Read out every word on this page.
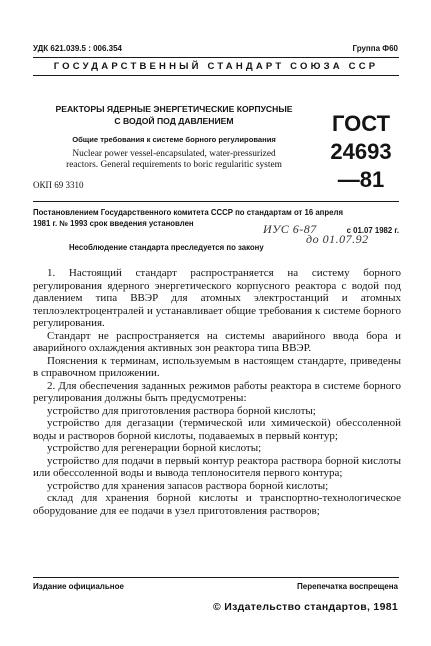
УДК 621.039.5 : 006.354	Группа Ф60
ГОСУДАРСТВЕННЫЙ СТАНДАРТ СОЮЗА ССР
РЕАКТОРЫ ЯДЕРНЫЕ ЭНЕРГЕТИЧЕСКИЕ КОРПУСНЫЕ
С ВОДОЙ ПОД ДАВЛЕНИЕМ
Общие требования к системе борного регулирования
Nuclear power vessel-encapsulated, water-pressurized
reactors. General requirements to boric regularitic system
ОКП 69 3310
ГОСТ
24693—81
Постановлением Государственного комитета СССР по стандартам от 16 апреля
1981 г. № 1993 срок введения установлен	ИУС 6-87	с 01.07 1982 г.
до 01.07.92
Несоблюдение стандарта преследуется по закону

1. Настоящий стандарт распространяется на систему борного регулирования ядерного энергетического корпусного реактора с водой под давлением типа ВВЭР для атомных электростанций и атомных теплоэлектроцентралей и устанавливает общие требования к системе борного регулирования.

Стандарт не распространяется на системы аварийного ввода бора и аварийного охлаждения активных зон реактора типа ВВЭР.

Пояснения к терминам, используемым в настоящем стандарте, приведены в справочном приложении.

2. Для обеспечения заданных режимов работы реактора в системе борного регулирования должны быть предусмотрены:

устройство для приготовления раствора борной кислоты;

устройство для дегазации (термической или химической) обессоленной воды и растворов борной кислоты, подаваемых в первый контур;

устройство для регенерации борной кислоты;

устройство для подачи в первый контур реактора раствора борной кислоты или обессоленной воды и вывода теплоносителя первого контура;

устройство для хранения запасов раствора борной кислоты;

склад для хранения борной кислоты и транспортно-технологическое оборудование для ее подачи в узел приготовления растворов;

Издание официальное	Перепечатка воспрещена
© Издательство стандартов, 1981
